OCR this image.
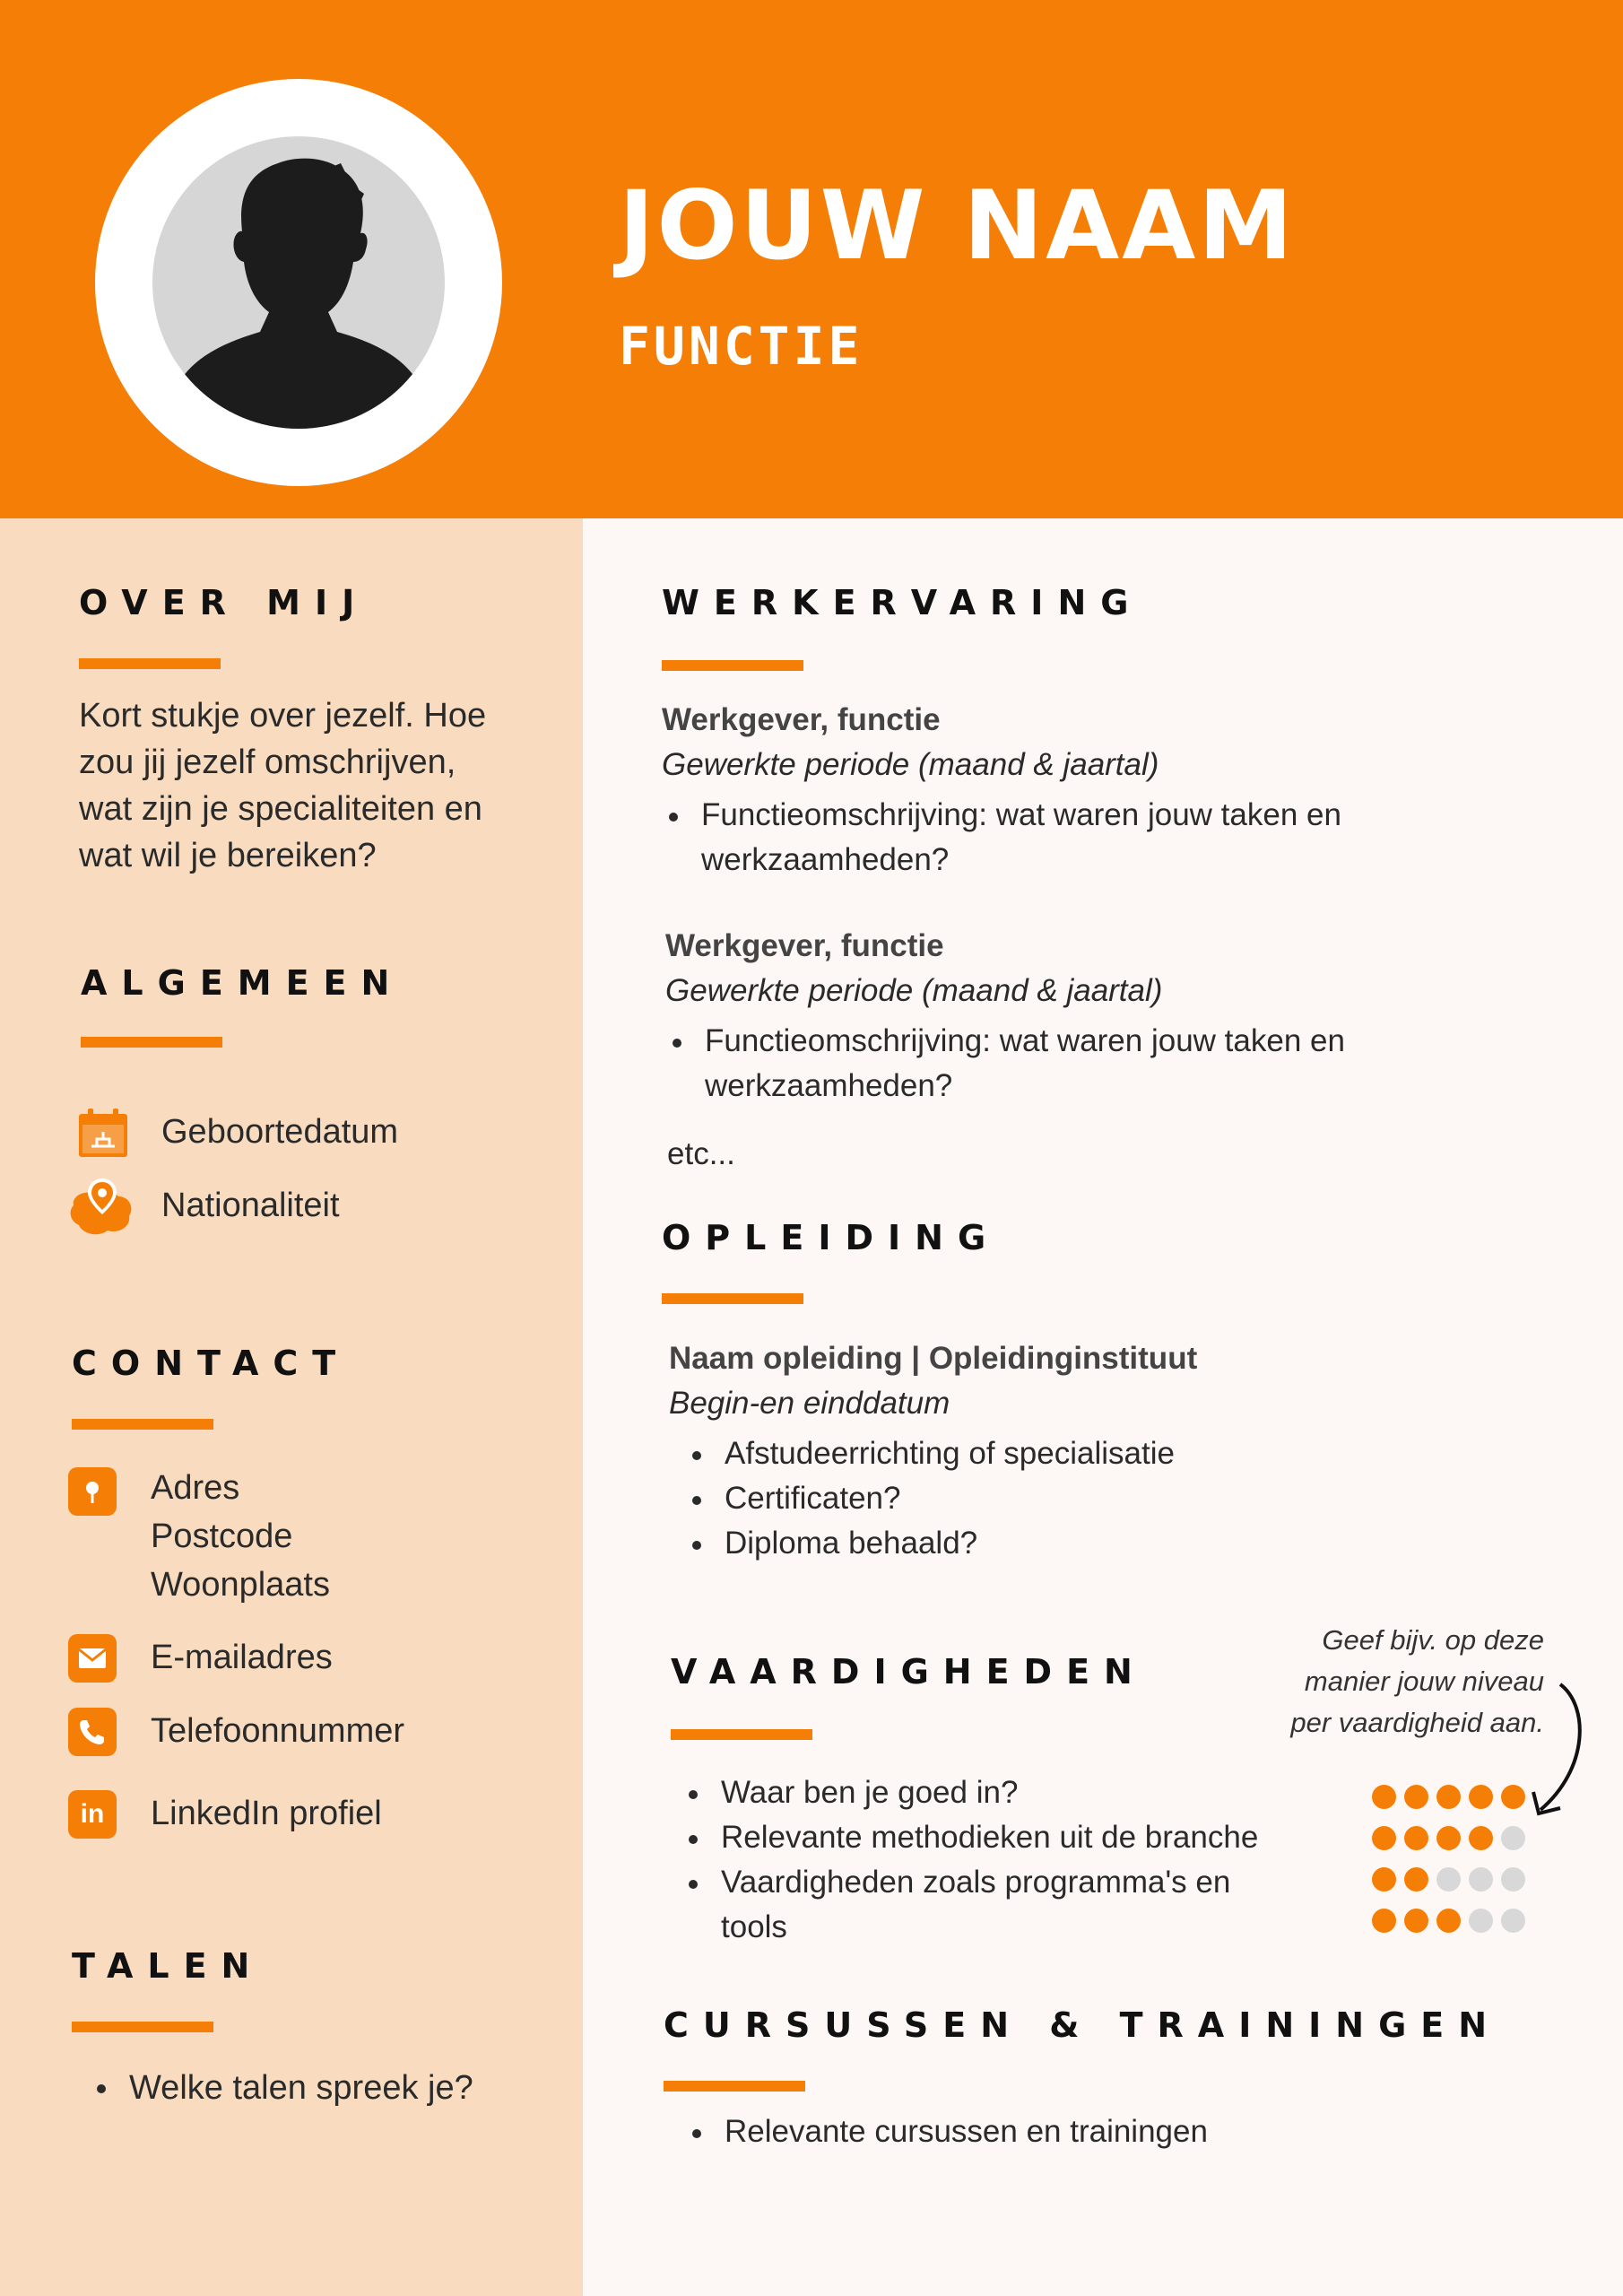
JOUW NAAM
FUNCTIE
OVER MIJ
Kort stukje over jezelf. Hoe
zou jij jezelf omschrijven,
wat zijn je specialiteiten en
wat wil je bereiken?
ALGEMEEN
Geboortedatum
Nationaliteit
CONTACT
Adres
Postcode
Woonplaats
E-mailadres
Telefoonnummer
in	LinkedIn profiel
TALEN
Welke talen spreek je?
WERKERVARING
Werkgever, functie
Gewerkte periode (maand & jaartal)
Functieomschrijving: wat waren jouw taken en
werkzaamheden?
Werkgever, functie
Gewerkte periode (maand & jaartal)
Functieomschrijving: wat waren jouw taken en
werkzaamheden?
etc...
OPLEIDING
Naam opleiding | Opleidinginstituut
Begin-en einddatum
Afstudeerrichting of specialisatie
Certificaten?
Diploma behaald?
VAARDIGHEDEN
Geef bijv. op deze
manier jouw niveau
per vaardigheid aan.
Waar ben je goed in?
Relevante methodieken uit de branche
Vaardigheden zoals programma's en
tools
CURSUSSEN & TRAININGEN
Relevante cursussen en trainingen
